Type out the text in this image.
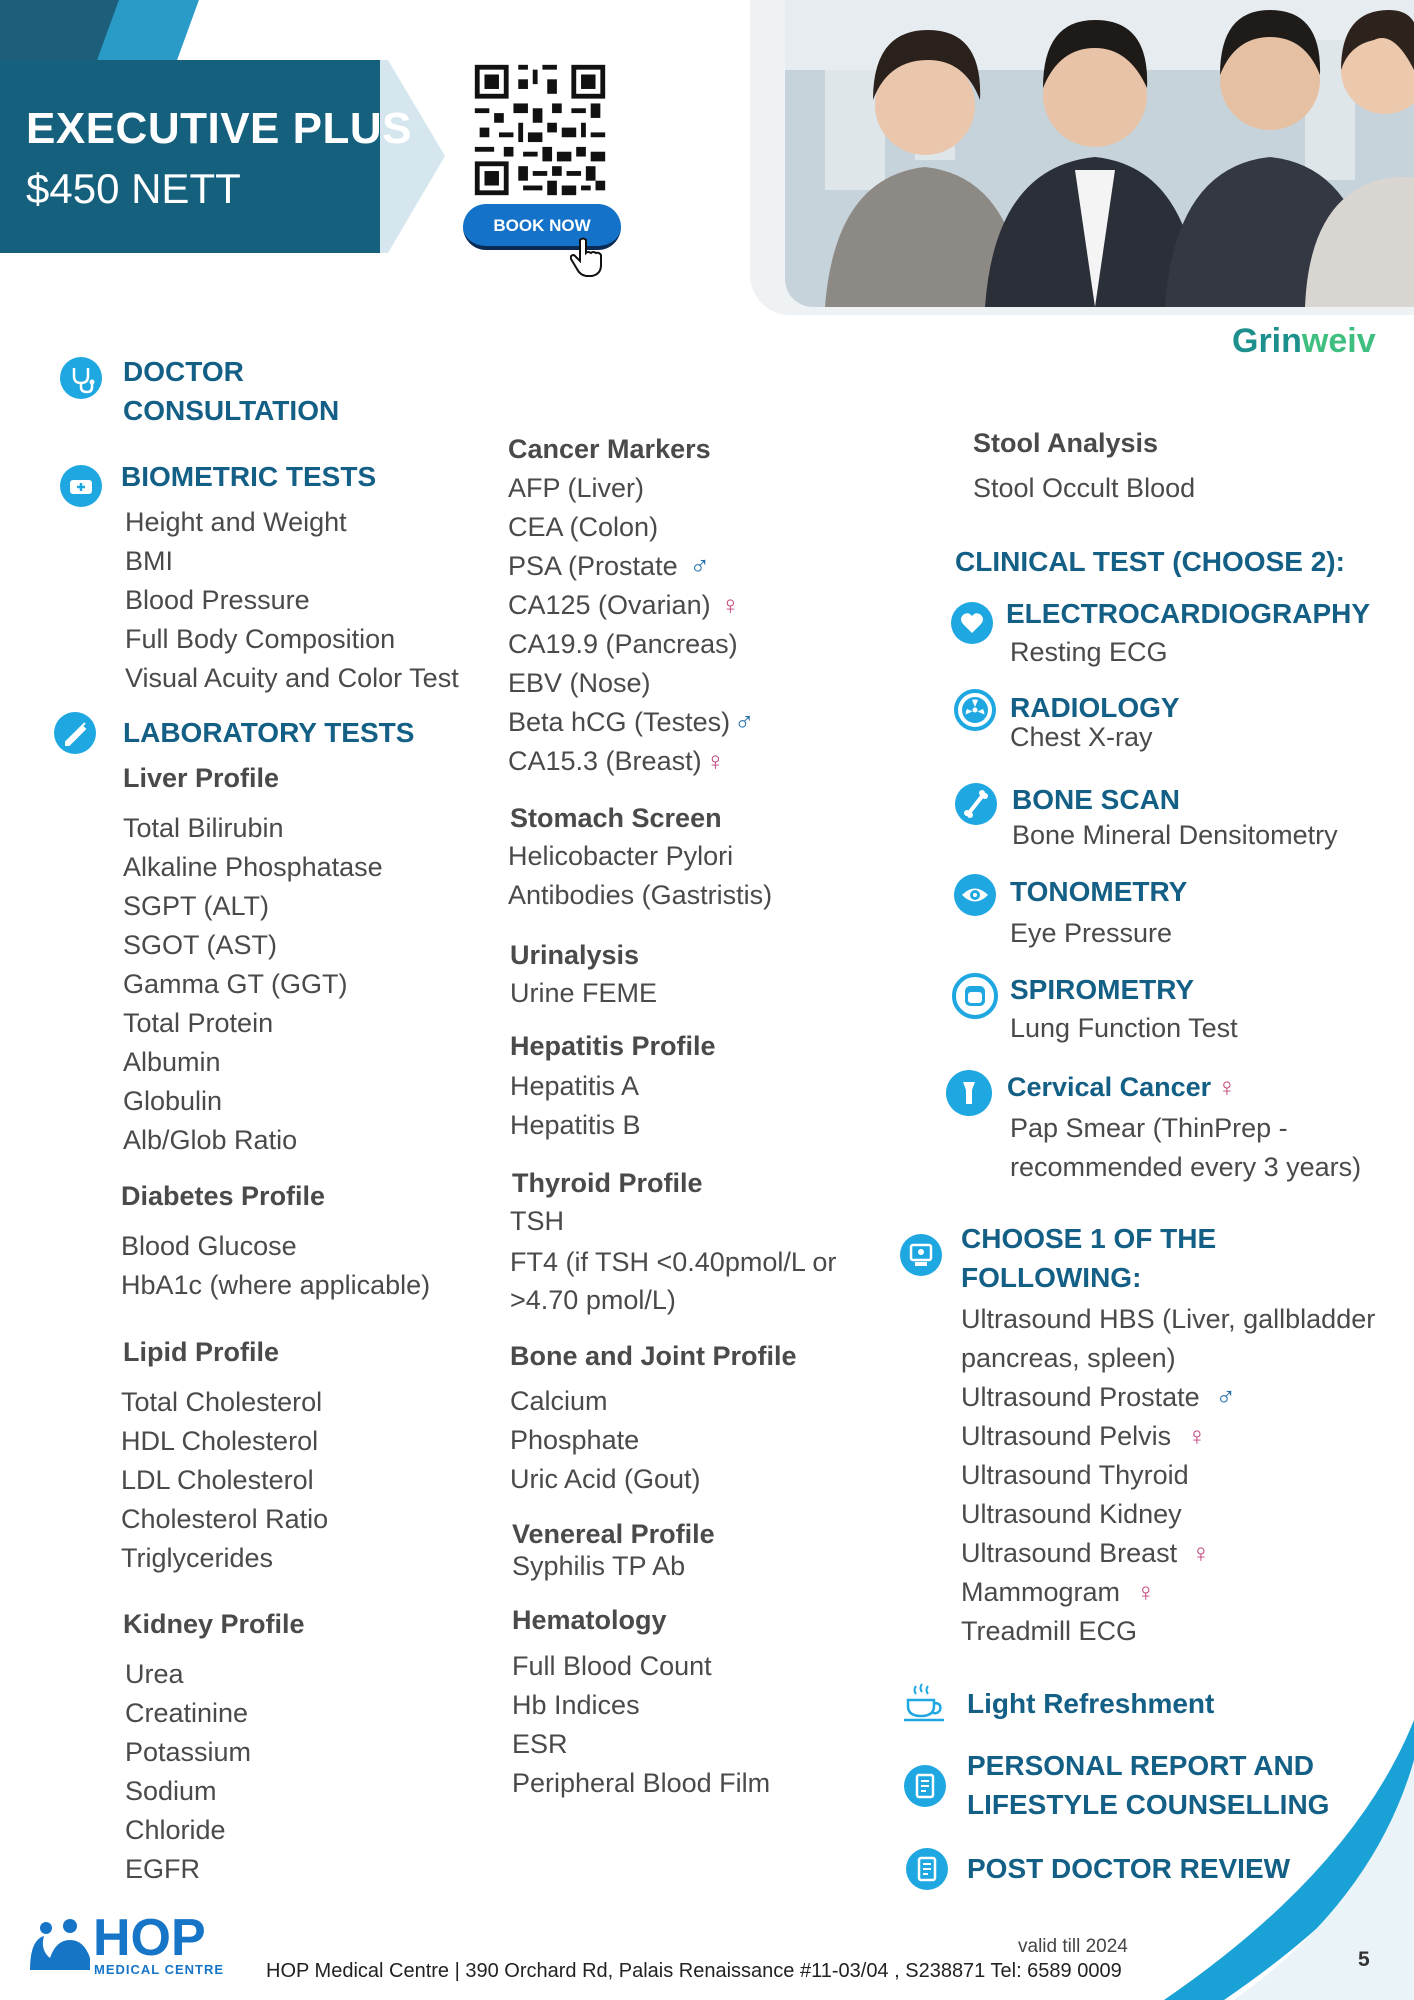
EXECUTIVE PLUS
$450 NETT
BOOK NOW
Grinweiv
DOCTOR
CONSULTATION
BIOMETRIC TESTS
Height and Weight
BMI
Blood Pressure
Full Body Composition
Visual Acuity and Color Test
LABORATORY TESTS
Liver Profile
Total Bilirubin
Alkaline Phosphatase
SGPT (ALT)
SGOT (AST)
Gamma GT (GGT)
Total Protein
Albumin
Globulin
Alb/Glob Ratio
Diabetes Profile
Blood Glucose
HbA1c (where applicable)
Lipid Profile
Total Cholesterol
HDL Cholesterol
LDL Cholesterol
Cholesterol Ratio
Triglycerides
Kidney Profile
Urea
Creatinine
Potassium
Sodium
Chloride
EGFR
Cancer Markers
AFP (Liver)
CEA (Colon)
PSA (Prostate ♂
CA125 (Ovarian) ♀
CA19.9 (Pancreas)
EBV (Nose)
Beta hCG (Testes) ♂
CA15.3 (Breast) ♀
Stomach Screen
Helicobacter Pylori
Antibodies (Gastristis)
Urinalysis
Urine FEME
Hepatitis Profile
Hepatitis A
Hepatitis B
Thyroid Profile
TSH
FT4 (if TSH <0.40pmol/L or
>4.70 pmol/L)
Bone and Joint Profile
Calcium
Phosphate
Uric Acid (Gout)
Venereal Profile
Syphilis TP Ab
Hematology
Full Blood Count
Hb Indices
ESR
Peripheral Blood Film
Stool Analysis
Stool Occult Blood
CLINICAL TEST (CHOOSE 2):
ELECTROCARDIOGRAPHY
Resting ECG
RADIOLOGY
Chest X-ray
BONE SCAN
Bone Mineral Densitometry
TONOMETRY
Eye Pressure
SPIROMETRY
Lung Function Test
Cervical Cancer ♀
Pap Smear (ThinPrep -
recommended every 3 years)
CHOOSE 1 OF THE
FOLLOWING:
Ultrasound HBS (Liver, gallbladder
pancreas, spleen)
Ultrasound Prostate ♂
Ultrasound Pelvis ♀
Ultrasound Thyroid
Ultrasound Kidney
Ultrasound Breast ♀
Mammogram ♀
Treadmill ECG
Light Refreshment
PERSONAL REPORT AND
LIFESTYLE COUNSELLING
POST DOCTOR REVIEW
HOP
MEDICAL CENTRE
valid till 2024
HOP Medical Centre | 390 Orchard Rd, Palais Renaissance #11-03/04 , S238871 Tel: 6589 0009	5
